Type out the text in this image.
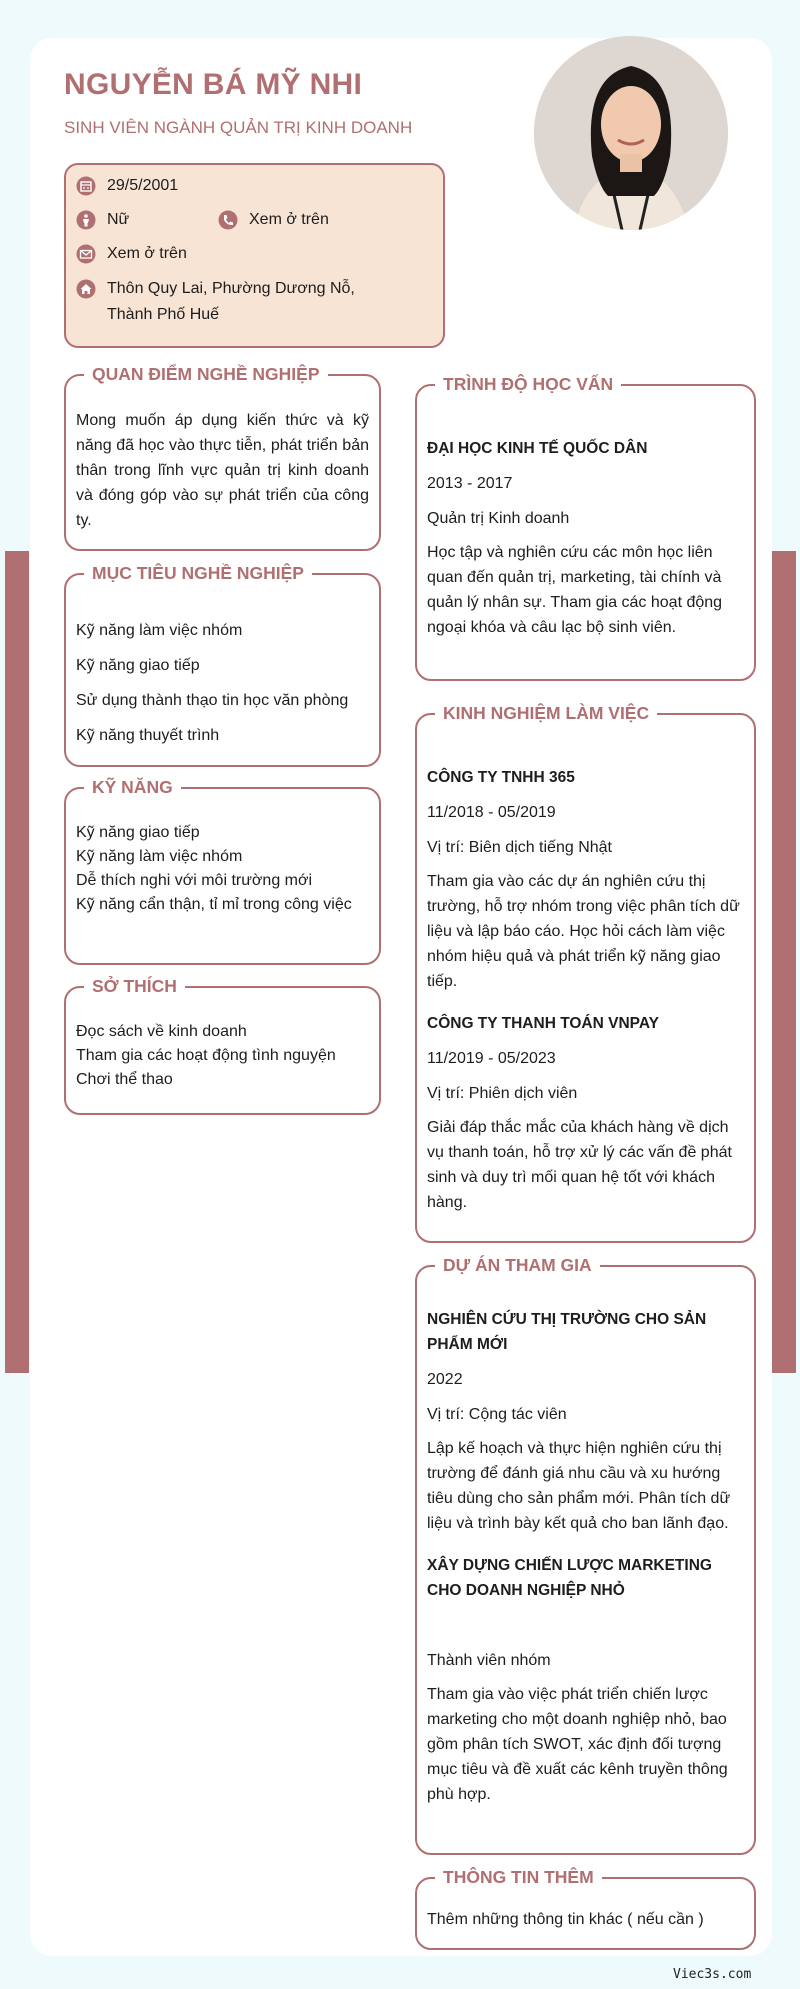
NGUYỄN BÁ MỸ NHI
SINH VIÊN NGÀNH QUẢN TRỊ KINH DOANH
29/5/2001
Nữ	Xem ở trên
Xem ở trên
Thôn Quy Lai, Phường Dương Nỗ,
Thành Phố Huế
QUAN ĐIỂM NGHỀ NGHIỆP
Mong muốn áp dụng kiến thức và kỹ năng đã học vào thực tiễn, phát triển bản thân trong lĩnh vực quản trị kinh doanh và đóng góp vào sự phát triển của công ty.
MỤC TIÊU NGHỀ NGHIỆP
Kỹ năng làm việc nhóm
Kỹ năng giao tiếp
Sử dụng thành thạo tin học văn phòng
Kỹ năng thuyết trình
KỸ NĂNG
Kỹ năng giao tiếp
Kỹ năng làm việc nhóm
Dễ thích nghi với môi trường mới
Kỹ năng cẩn thận, tỉ mỉ trong công việc
SỞ THÍCH
Đọc sách về kinh doanh
Tham gia các hoạt động tình nguyện
Chơi thể thao
TRÌNH ĐỘ HỌC VẤN
ĐẠI HỌC KINH TẾ QUỐC DÂN
2013 - 2017
Quản trị Kinh doanh
Học tập và nghiên cứu các môn học liên quan đến quản trị, marketing, tài chính và quản lý nhân sự. Tham gia các hoạt động ngoại khóa và câu lạc bộ sinh viên.
KINH NGHIỆM LÀM VIỆC
CÔNG TY TNHH 365
11/2018 - 05/2019
Vị trí: Biên dịch tiếng Nhật
Tham gia vào các dự án nghiên cứu thị trường, hỗ trợ nhóm trong việc phân tích dữ liệu và lập báo cáo. Học hỏi cách làm việc nhóm hiệu quả và phát triển kỹ năng giao tiếp.
CÔNG TY THANH TOÁN VNPAY
11/2019 - 05/2023
Vị trí: Phiên dịch viên
Giải đáp thắc mắc của khách hàng về dịch vụ thanh toán, hỗ trợ xử lý các vấn đề phát sinh và duy trì mối quan hệ tốt với khách hàng.
DỰ ÁN THAM GIA
NGHIÊN CỨU THỊ TRƯỜNG CHO SẢN PHẨM MỚI
2022
Vị trí: Cộng tác viên
Lập kế hoạch và thực hiện nghiên cứu thị trường để đánh giá nhu cầu và xu hướng tiêu dùng cho sản phẩm mới. Phân tích dữ liệu và trình bày kết quả cho ban lãnh đạo.
XÂY DỰNG CHIẾN LƯỢC MARKETING CHO DOANH NGHIỆP NHỎ
Thành viên nhóm
Tham gia vào việc phát triển chiến lược marketing cho một doanh nghiệp nhỏ, bao gồm phân tích SWOT, xác định đối tượng mục tiêu và đề xuất các kênh truyền thông phù hợp.
THÔNG TIN THÊM
Thêm những thông tin khác ( nếu cần )
Viec3s.com
